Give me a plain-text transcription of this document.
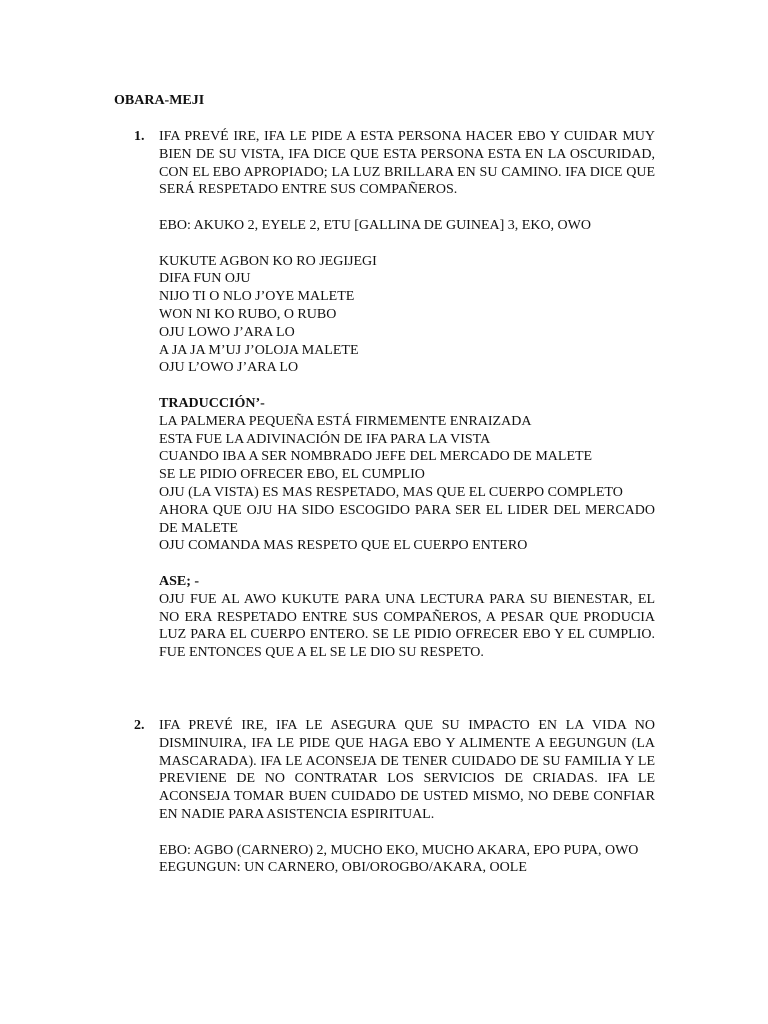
OBARA-MEJI
1. IFA PREVÉ IRE, IFA LE PIDE A ESTA PERSONA HACER EBO Y CUIDAR MUY BIEN DE SU VISTA, IFA DICE QUE ESTA PERSONA ESTA EN LA OSCURIDAD, CON EL EBO APROPIADO; LA LUZ BRILLARA EN SU CAMINO. IFA DICE QUE SERÁ RESPETADO ENTRE SUS COMPAÑEROS.

EBO: AKUKO 2, EYELE 2, ETU [GALLINA DE GUINEA] 3, EKO, OWO

KUKUTE AGBON KO RO JEGIJEGI
DIFA FUN OJU
NIJO TI O NLO J’OYE MALETE
WON NI KO RUBO, O RUBO
OJU LOWO J’ARA LO
A JA JA M’UJ J’OLOJA MALETE
OJU L’OWO J’ARA LO
TRADUCCIÓN’-
LA PALMERA PEQUEÑA ESTÁ FIRMEMENTE ENRAIZADA
ESTA FUE LA ADIVINACIÓN DE IFA PARA LA VISTA
CUANDO IBA A SER NOMBRADO JEFE DEL MERCADO DE MALETE
SE LE PIDIO OFRECER EBO, EL CUMPLIO

OJU (LA VISTA) ES MAS RESPETADO, MAS QUE EL CUERPO COMPLETO

AHORA QUE OJU HA SIDO ESCOGIDO PARA SER EL LIDER DEL MERCADO DE MALETE

OJU COMANDA MAS RESPETO QUE EL CUERPO ENTERO
ASE; -

OJU FUE AL AWO KUKUTE PARA UNA LECTURA PARA SU BIENESTAR, EL NO ERA RESPETADO ENTRE SUS COMPAÑEROS, A PESAR QUE PRODUCIA LUZ PARA EL CUERPO ENTERO. SE LE PIDIO OFRECER EBO Y EL CUMPLIO. FUE ENTONCES QUE A EL SE LE DIO SU RESPETO.

2. IFA PREVÉ IRE, IFA LE ASEGURA QUE SU IMPACTO EN LA VIDA NO DISMINUIRA, IFA LE PIDE QUE HAGA EBO Y ALIMENTE A EEGUNGUN (LA MASCARADA). IFA LE ACONSEJA DE TENER CUIDADO DE SU FAMILIA Y LE PREVIENE DE NO CONTRATAR LOS SERVICIOS DE CRIADAS. IFA LE ACONSEJA TOMAR BUEN CUIDADO DE USTED MISMO, NO DEBE CONFIAR EN NADIE PARA ASISTENCIA ESPIRITUAL.

EBO: AGBO (CARNERO) 2, MUCHO EKO, MUCHO AKARA, EPO PUPA, OWO

EEGUNGUN: UN CARNERO, OBI/OROGBO/AKARA, OOLE
